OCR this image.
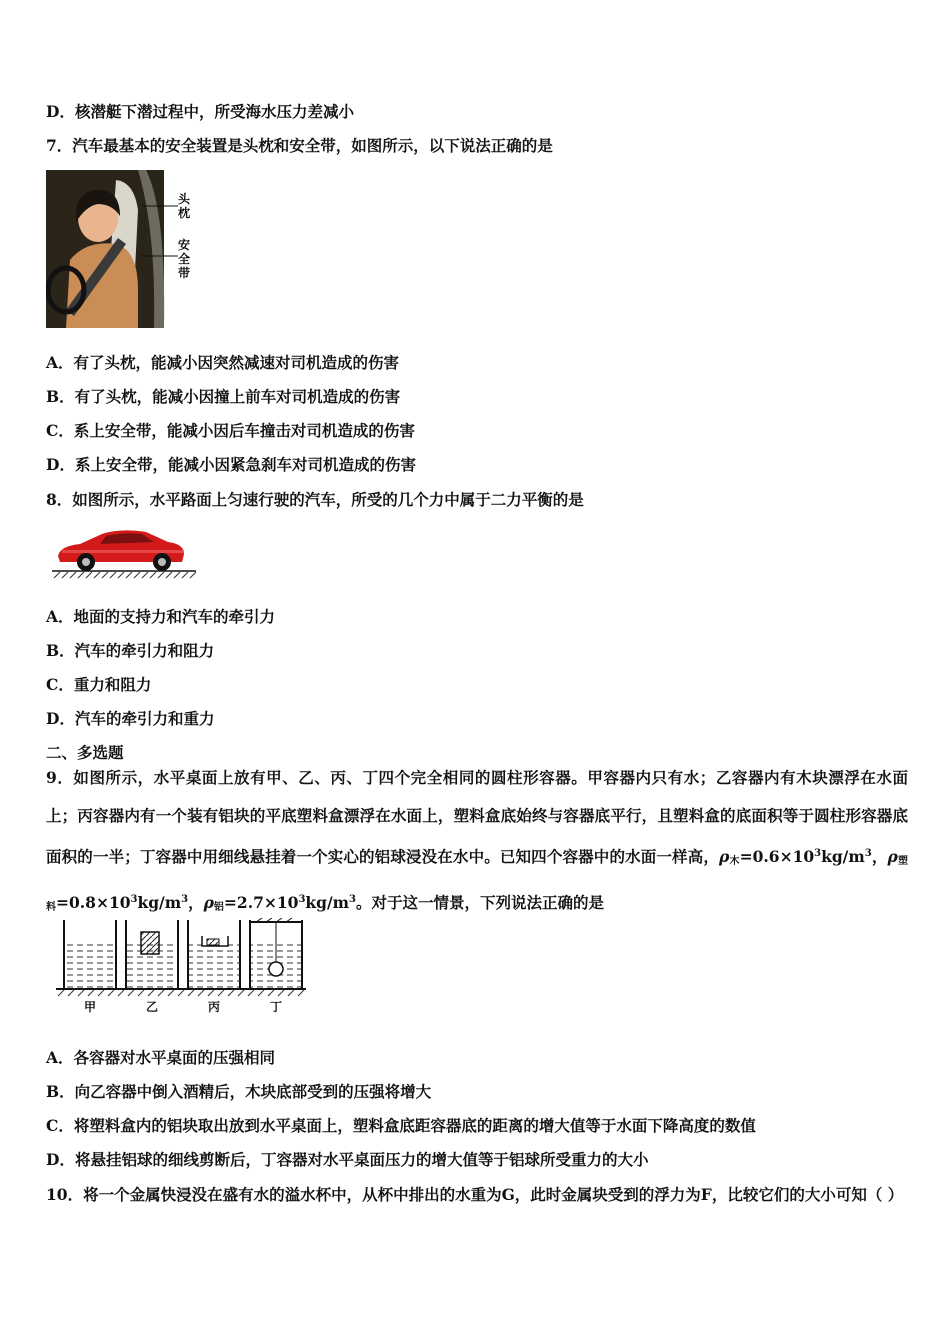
D．核潜艇下潜过程中，所受海水压力差减小
7．汽车最基本的安全装置是头枕和安全带，如图所示，以下说法正确的是
头枕
安全带
A．有了头枕，能减小因突然减速对司机造成的伤害
B．有了头枕，能减小因撞上前车对司机造成的伤害
C．系上安全带，能减小因后车撞击对司机造成的伤害
D．系上安全带，能减小因紧急刹车对司机造成的伤害
8．如图所示，水平路面上匀速行驶的汽车，所受的几个力中属于二力平衡的是
A．地面的支持力和汽车的牵引力
B．汽车的牵引力和阻力
C．重力和阻力
D．汽车的牵引力和重力
二、多选题
9．如图所示，水平桌面上放有甲、乙、丙、丁四个完全相同的圆柱形容器。甲容器内只有水；乙容器内有木块漂浮在水面上；丙容器内有一个装有铝块的平底塑料盒漂浮在水面上，塑料盒底始终与容器底平行，且塑料盒的底面积等于圆柱形容器底面积的一半；丁容器中用细线悬挂着一个实心的铝球浸没在水中。已知四个容器中的水面一样高，$\rho_木=0.6\times 10^3kg/m^3$，$\rho_{塑料}=0.8\times 10^3kg/m^3$，$\rho_铝=2.7\times 10^3kg/m^3$。对于这一情景，下列说法正确的是
甲	乙	丙	丁
A．各容器对水平桌面的压强相同
B．向乙容器中倒入酒精后，木块底部受到的压强将增大
C．将塑料盒内的铝块取出放到水平桌面上，塑料盒底距容器底的距离的增大值等于水面下降高度的数值
D．将悬挂铝球的细线剪断后，丁容器对水平桌面压力的增大值等于铝球所受重力的大小
10．将一个金属快浸没在盛有水的溢水杯中，从杯中排出的水重为G，此时金属块受到的浮力为F，比较它们的大小可知（ ）
